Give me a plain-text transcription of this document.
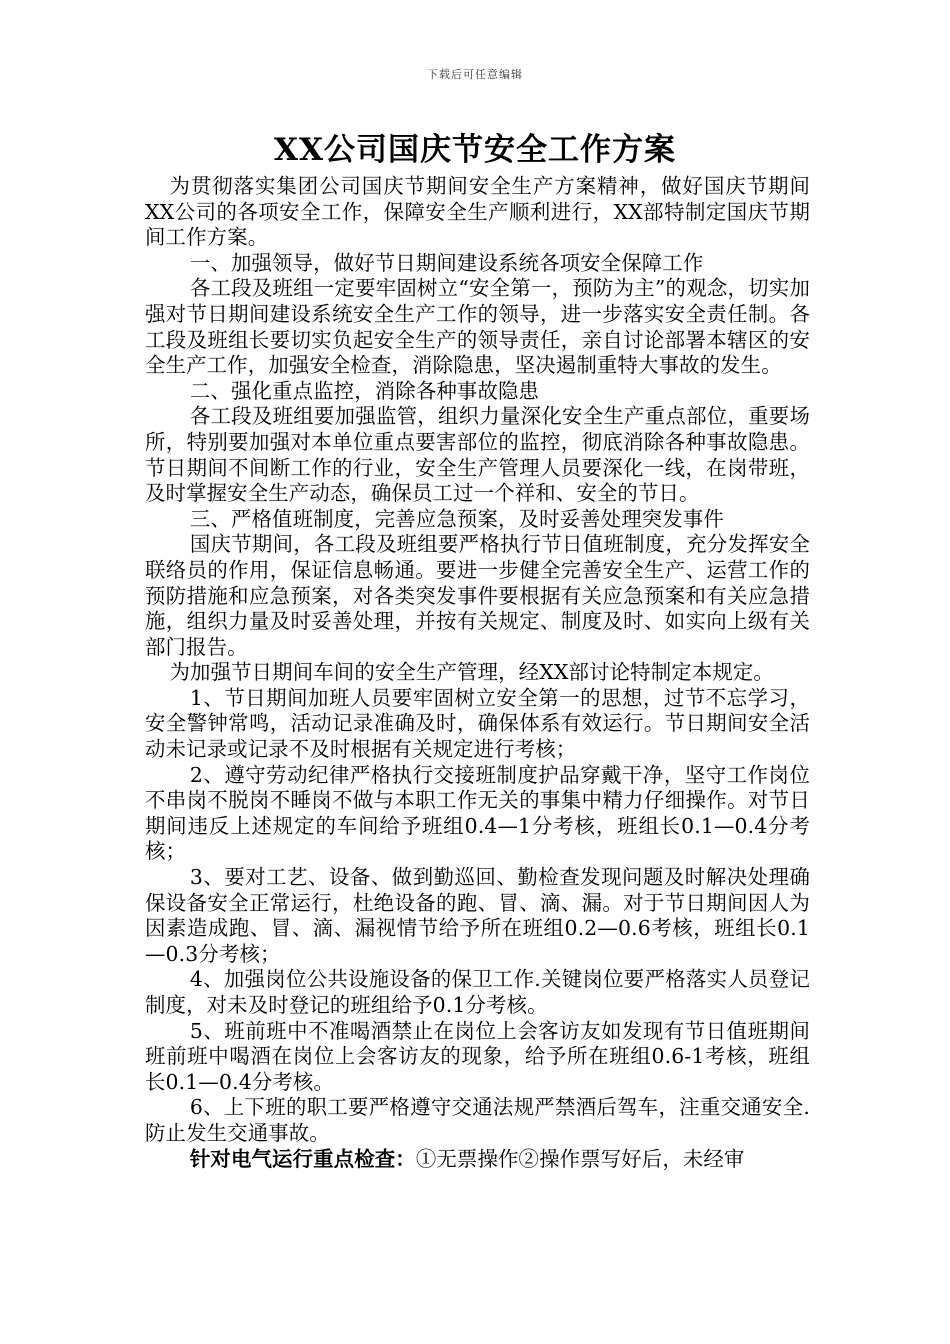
下载后可任意编辑
XX公司国庆节安全工作方案

为贯彻落实集团公司国庆节期间安全生产方案精神，做好国庆节期间XX公司的各项安全工作，保障安全生产顺利进行，XX部特制定国庆节期间工作方案。

一、加强领导，做好节日期间建设系统各项安全保障工作

各工段及班组一定要牢固树立“安全第一，预防为主”的观念，切实加强对节日期间建设系统安全生产工作的领导，进一步落实安全责任制。各工段及班组长要切实负起安全生产的领导责任，亲自讨论部署本辖区的安全生产工作，加强安全检查，消除隐患，坚决遏制重特大事故的发生。

二、强化重点监控，消除各种事故隐患

各工段及班组要加强监管，组织力量深化安全生产重点部位，重要场所，特别要加强对本单位重点要害部位的监控，彻底消除各种事故隐患。节日期间不间断工作的行业，安全生产管理人员要深化一线，在岗带班，及时掌握安全生产动态，确保员工过一个祥和、安全的节日。

三、严格值班制度，完善应急预案，及时妥善处理突发事件

国庆节期间，各工段及班组要严格执行节日值班制度，充分发挥安全联络员的作用，保证信息畅通。要进一步健全完善安全生产、运营工作的预防措施和应急预案，对各类突发事件要根据有关应急预案和有关应急措施，组织力量及时妥善处理，并按有关规定、制度及时、如实向上级有关部门报告。

为加强节日期间车间的安全生产管理，经XX部讨论特制定本规定。

1、节日期间加班人员要牢固树立安全第一的思想，过节不忘学习，安全警钟常鸣，活动记录准确及时，确保体系有效运行。节日期间安全活动未记录或记录不及时根据有关规定进行考核；

2、遵守劳动纪律严格执行交接班制度护品穿戴干净，坚守工作岗位不串岗不脱岗不睡岗不做与本职工作无关的事集中精力仔细操作。对节日期间违反上述规定的车间给予班组0.4—1分考核，班组长0.1—0.4分考核；

3、要对工艺、设备、做到勤巡回、勤检查发现问题及时解决处理确保设备安全正常运行，杜绝设备的跑、冒、滴、漏。对于节日期间因人为因素造成跑、冒、滴、漏视情节给予所在班组0.2—0.6考核，班组长0.1—0.3分考核；

4、加强岗位公共设施设备的保卫工作.关键岗位要严格落实人员登记制度，对未及时登记的班组给予0.1分考核。

5、班前班中不准喝酒禁止在岗位上会客访友如发现有节日值班期间班前班中喝酒在岗位上会客访友的现象，给予所在班组0.6-1考核，班组长0.1—0.4分考核。

6、上下班的职工要严格遵守交通法规严禁酒后驾车，注重交通安全.防止发生交通事故。

针对电气运行重点检查：①无票操作②操作票写好后，未经审
